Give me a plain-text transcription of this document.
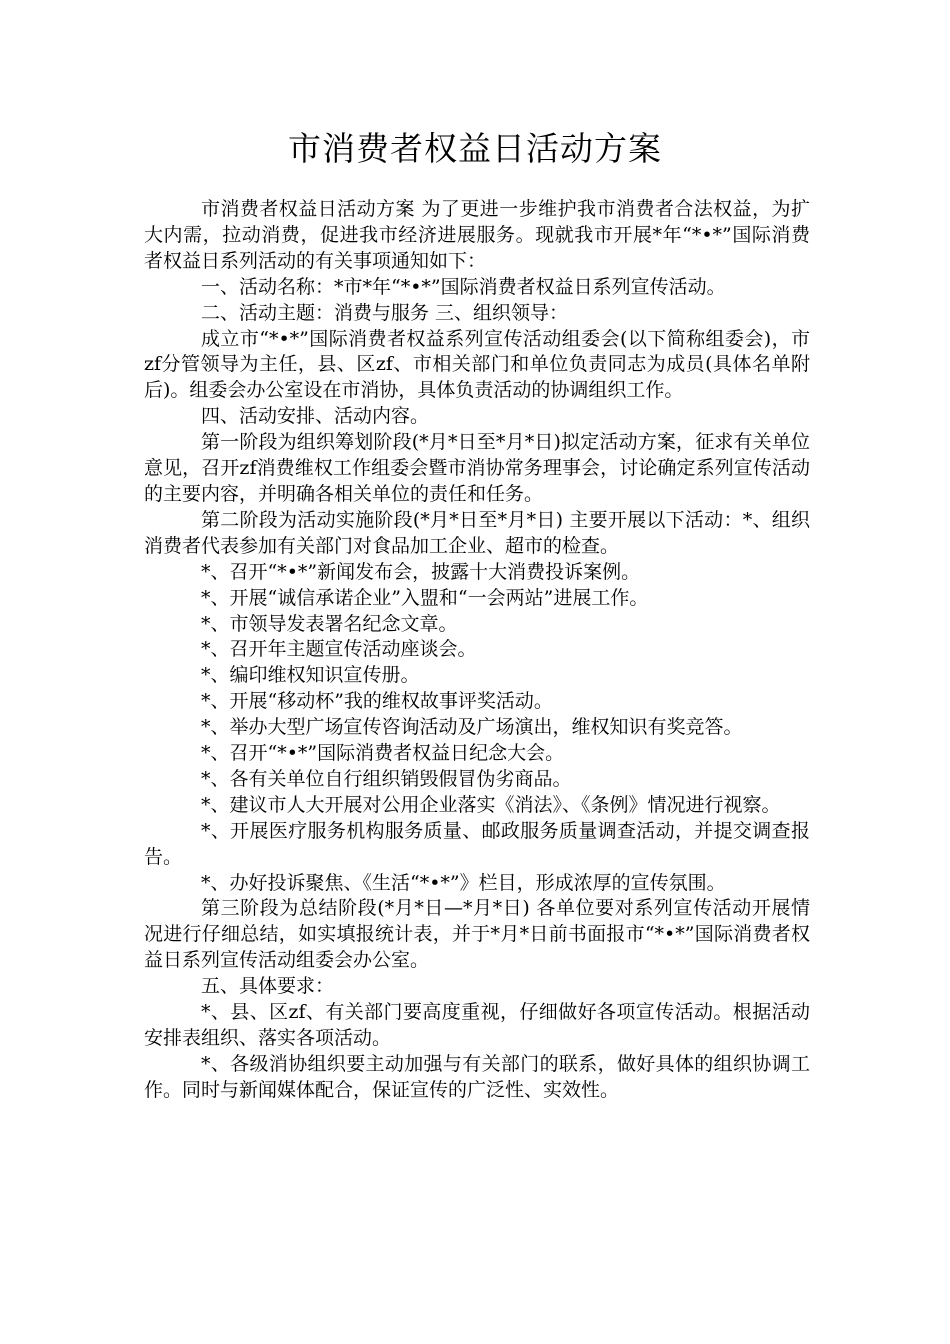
市消费者权益日活动方案

市消费者权益日活动方案 为了更进一步维护我市消费者合法权益，为扩大内需，拉动消费，促进我市经济进展服务。现就我市开展*年“*•*”国际消费者权益日系列活动的有关事项通知如下：

一、活动名称：*市*年“*•*”国际消费者权益日系列宣传活动。

二、活动主题：消费与服务 三、组织领导：

成立市“*•*”国际消费者权益系列宣传活动组委会(以下简称组委会)，市zf分管领导为主任，县、区zf、市相关部门和单位负责同志为成员(具体名单附后)。组委会办公室设在市消协，具体负责活动的协调组织工作。

四、活动安排、活动内容。

第一阶段为组织筹划阶段(*月*日至*月*日)拟定活动方案，征求有关单位意见，召开zf消费维权工作组委会暨市消协常务理事会，讨论确定系列宣传活动的主要内容，并明确各相关单位的责任和任务。

第二阶段为活动实施阶段(*月*日至*月*日) 主要开展以下活动：*、组织消费者代表参加有关部门对食品加工企业、超市的检查。

*、召开“*•*”新闻发布会，披露十大消费投诉案例。

*、开展“诚信承诺企业”入盟和“一会两站”进展工作。

*、市领导发表署名纪念文章。

*、召开年主题宣传活动座谈会。

*、编印维权知识宣传册。

*、开展“移动杯”我的维权故事评奖活动。

*、举办大型广场宣传咨询活动及广场演出，维权知识有奖竞答。

*、召开“*•*”国际消费者权益日纪念大会。

*、各有关单位自行组织销毁假冒伪劣商品。

*、建议市人大开展对公用企业落实《消法》、《条例》情况进行视察。

*、开展医疗服务机构服务质量、邮政服务质量调查活动，并提交调查报告。

*、办好投诉聚焦、《生活“*•*”》栏目，形成浓厚的宣传氛围。

第三阶段为总结阶段(*月*日—*月*日) 各单位要对系列宣传活动开展情况进行仔细总结，如实填报统计表，并于*月*日前书面报市“*•*”国际消费者权益日系列宣传活动组委会办公室。

五、具体要求：

*、县、区zf、有关部门要高度重视，仔细做好各项宣传活动。根据活动安排表组织、落实各项活动。

*、各级消协组织要主动加强与有关部门的联系，做好具体的组织协调工作。同时与新闻媒体配合，保证宣传的广泛性、实效性。
